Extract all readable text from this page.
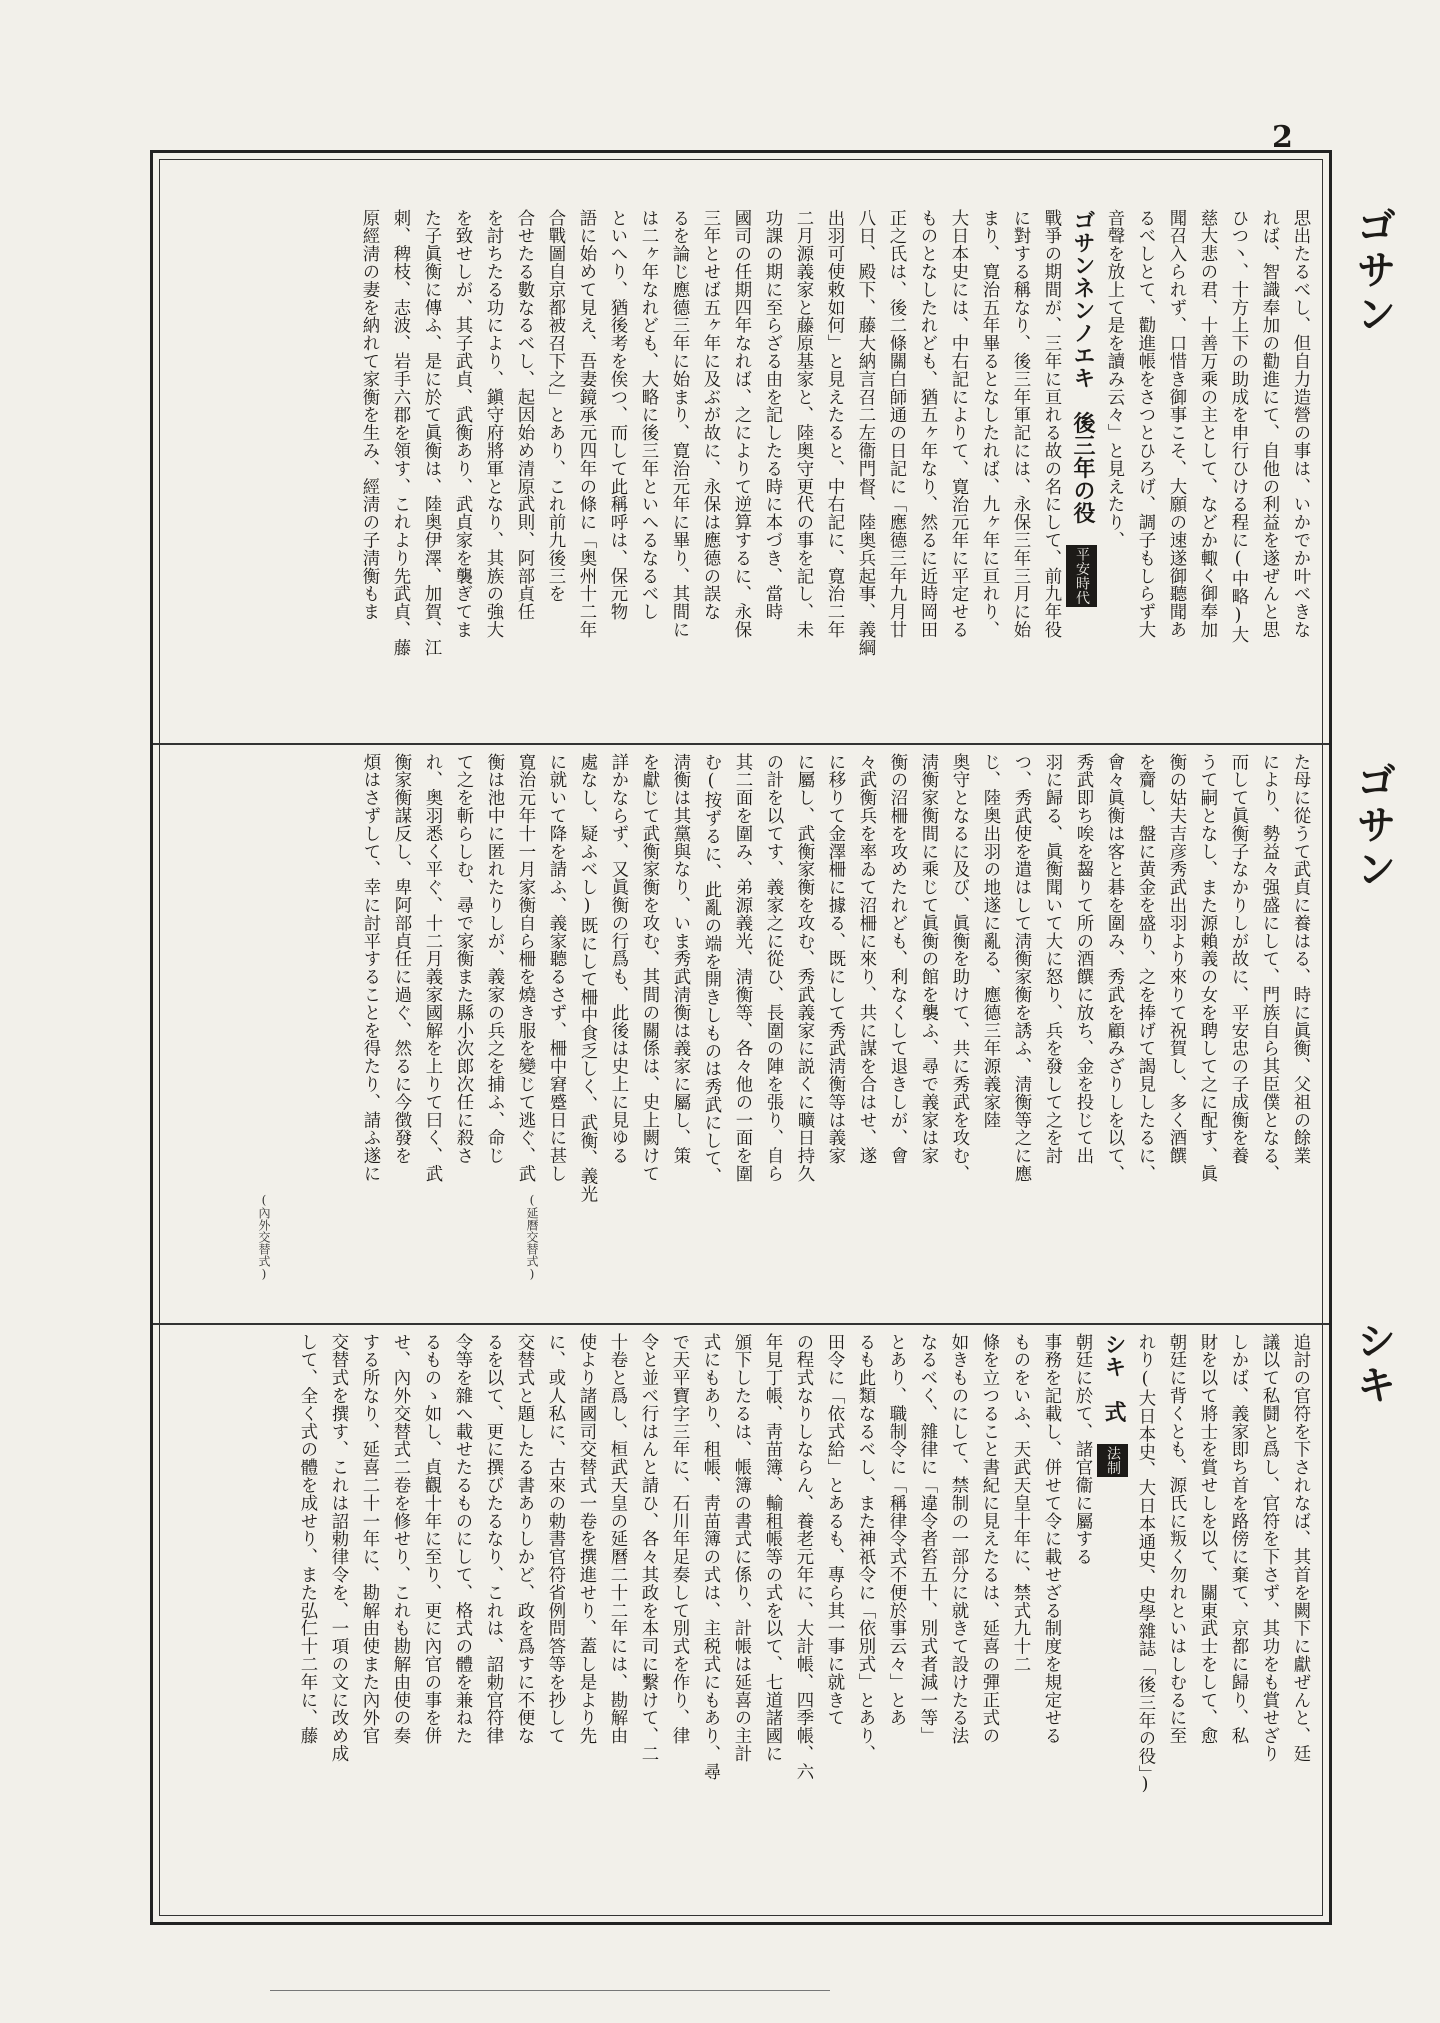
2
ゴサン
ゴサン
シキ
思出たるべし、但自力造營の事は、いかでか叶べきな
れば、智識奉加の勸進にて、自他の利益を遂ぜんと思
ひつ丶、十方上下の助成を申行ひける程に(中略)大
慈大悲の君、十善万乘の主として、などか輙く御奉加
聞召入られず、口惜き御事こそ、大願の速遂御聽聞あ
るべしとて、勸進帳をさつとひろげ、調子もしらず大
音聲を放上て是を讀み云々」と見えたり、
ゴサンネンノエキ　後三年の役 平安時代
戰爭の期間が、三年に亘れる故の名にして、前九年役
に對する稱なり、後三年軍記には、永保三年三月に始
まり、寛治五年畢るとなしたれば、九ヶ年に亘れり、
大日本史には、中右記によりて、寛治元年に平定せる
ものとなしたれども、猶五ヶ年なり、然るに近時岡田
正之氏は、後二條關白師通の日記に「應德三年九月廿
八日、殿下、藤大納言召二左衞門督、陸奥兵起事、義綱
出羽可使敕如何」と見えたると、中右記に、寛治二年
二月源義家と藤原基家と、陸奥守更代の事を記し、未
功課の期に至らざる由を記したる時に本づき、當時
國司の任期四年なれば、之によりて逆算するに、永保
三年とせば五ヶ年に及ぶが故に、永保は應德の誤な
るを論じ應德三年に始まり、寛治元年に畢り、其間に
は二ヶ年なれども、大略に後三年といへるなるべし
といへり、猶後考を俟つ、而して此稱呼は、保元物
語に始めて見え、吾妻鏡承元四年の條に「奥州十二年
合戰圖自京都被召下之」とあり、これ前九後三を
合せたる數なるべし、起因始め清原武則、阿部貞任
を討ちたる功により、鎭守府將軍となり、其族の強大
を致せしが、其子武貞、武衡あり、武貞家を襲ぎてま
た子眞衡に傳ふ、是に於て眞衡は、陸奥伊澤、加賀、江
刺、稗枝、志波、岩手六郡を領す、これより先武貞、藤
原經淸の妻を納れて家衡を生み、經淸の子淸衡もま
た母に從うて武貞に養はる、時に眞衡、父祖の餘業
により、勢益々强盛にして、門族自ら其臣僕となる、
而して眞衡子なかりしが故に、平安忠の子成衡を養
うて嗣となし、また源賴義の女を聘して之に配す、眞
衡の姑夫吉彦秀武出羽より來りて祝賀し、多く酒饌
を齎し、盤に黄金を盛り、之を捧げて謁見したるに、
會々眞衡は客と碁を圍み、秀武を顧みざりしを以て、
秀武即ち唉を齧りて所の酒饌に放ち、金を投じて出
羽に歸る、眞衡聞いて大に怒り、兵を發して之を討
つ、秀武使を遣はして淸衡家衡を誘ふ、淸衡等之に應
じ、陸奥出羽の地遂に亂る、應德三年源義家陸
奥守となるに及び、眞衡を助けて、共に秀武を攻む、
淸衡家衡間に乘じて眞衡の館を襲ふ、尋で義家は家
衡の沼柵を攻めたれども、利なくして退きしが、會
々武衡兵を率ゐて沼柵に來り、共に謀を合はせ、遂
に移りて金澤柵に據る、既にして秀武淸衡等は義家
に屬し、武衡家衡を攻む、秀武義家に説くに曠日持久
の計を以てす、義家之に從ひ、長圍の陣を張り、自ら
其二面を圍み、弟源義光、淸衡等、各々他の一面を圍
む(按ずるに、此亂の端を開きしものは秀武にして、
淸衡は其黨與なり、いま秀武淸衡は義家に屬し、策
を獻じて武衡家衡を攻む、其間の關係は、史上闕けて
詳かならず、又眞衡の行爲も、此後は史上に見ゆる
處なし、疑ふべし)既にして柵中食乏しく、武衡、義光
に就いて降を請ふ、義家聽るさず、柵中窘蹙日に甚し
寛治元年十一月家衡自ら柵を燒き服を變じて逃ぐ、武
衡は池中に匿れたりしが、義家の兵之を捕ふ、命じ
て之を斬らしむ、尋で家衡また縣小次郎次任に殺さ
れ、奥羽悉く平ぐ、十二月義家國解を上りて曰く、武
衡家衡謀反し、卑阿部貞任に過ぐ、然るに今徴發を
煩はさずして、幸に討平することを得たり、請ふ遂に
追討の官符を下されなば、其首を闕下に獻ぜんと、廷
議以て私鬪と爲し、官符を下さず、其功をも賞せざり
しかば、義家即ち首を路傍に棄て、京都に歸り、私
財を以て將士を賞せしを以て、關東武士をして、愈
朝廷に背くとも、源氏に叛く勿れといはしむるに至
れり(大日本史、大日本通史、史學雜誌「後三年の役」)
シキ　式 法制
朝廷に於て、諸官衞に屬する
事務を記載し、併せて令に載せざる制度を規定せる
ものをいふ、天武天皇十年に、禁式九十二
條を立つること書紀に見えたるは、延喜の彈正式の
如きものにして、禁制の一部分に就きて設けたる法
なるべく、雜律に「違令者笞五十、別式者減一等」
とあり、職制令に「稱律令式不便於事云々」とあ
るも此類なるべし、また神祇令に「依別式」とあり、
田令に「依式給」とあるも、專ら其一事に就きて
の程式なりしならん、養老元年に、大計帳、四季帳、六
年見丁帳、靑苗簿、輸租帳等の式を以て、七道諸國に
頒下したるは、帳簿の書式に係り、計帳は延喜の主計
式にもあり、租帳、靑苗簿の式は、主税式にもあり、尋
で天平寶字三年に、石川年足奏して別式を作り、律
令と並べ行はんと請ひ、各々其政を本司に繫けて、二
十卷と爲し、桓武天皇の延曆二十二年には、勘解由
使より諸國司交替式一卷を撰進せり、蓋し是より先
に、或人私に、古來の勅書官符省例問答等を抄して
交替式と題したる書ありしかど、政を爲すに不便な
るを以て、更に撰びたるなり、これは、詔勅官符律
令等を雜へ載せたるものにして、格式の體を兼ねた
るものゝ如し、貞觀十年に至り、更に內官の事を併
せ、內外交替式二卷を修せり、これも勘解由使の奏
する所なり、延喜二十一年に、勘解由使また內外官
交替式を撰す、これは詔勅律令を、一項の文に改め成
して、全く式の體を成せり、また弘仁十二年に、藤
(延曆交替式)
(內外交替式)
